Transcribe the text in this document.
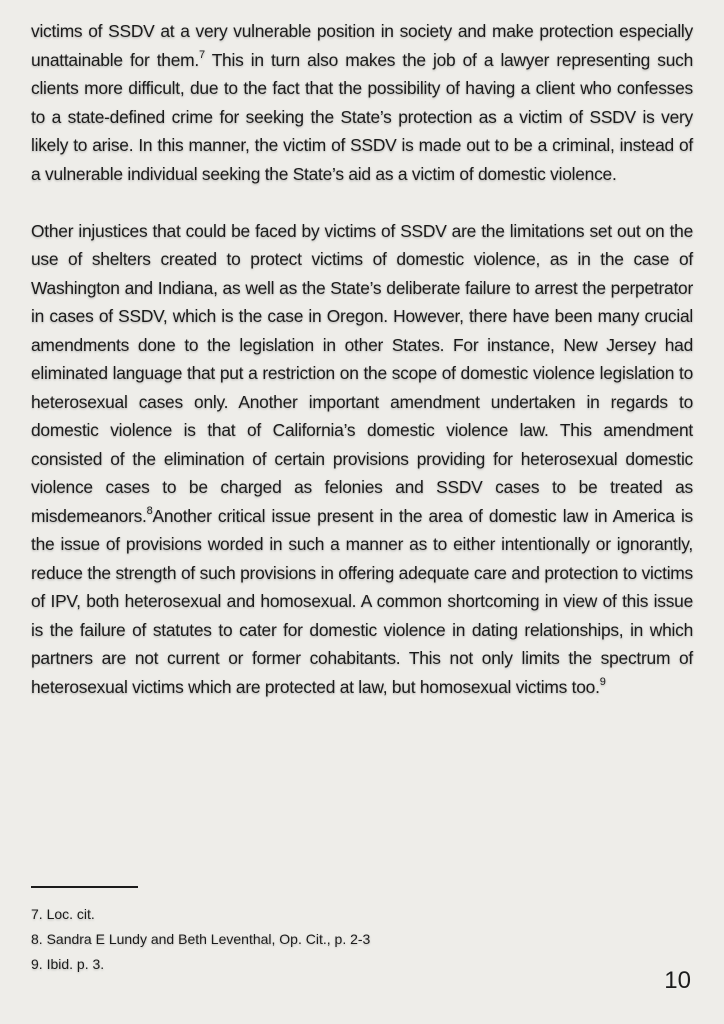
victims of SSDV at a very vulnerable position in society and make protection especially unattainable for them.$^7$ This in turn also makes the job of a lawyer representing such clients more difficult, due to the fact that the possibility of having a client who confesses to a state-defined crime for seeking the State’s protection as a victim of SSDV is very likely to arise. In this manner, the victim of SSDV is made out to be a criminal, instead of a vulnerable individual seeking the State’s aid as a victim of domestic violence.

Other injustices that could be faced by victims of SSDV are the limitations set out on the use of shelters created to protect victims of domestic violence, as in the case of Washington and Indiana, as well as the State’s deliberate failure to arrest the perpetrator in cases of SSDV, which is the case in Oregon. However, there have been many crucial amendments done to the legislation in other States. For instance, New Jersey had eliminated language that put a restriction on the scope of domestic violence legislation to heterosexual cases only. Another important amendment undertaken in regards to domestic violence is that of California’s domestic violence law. This amendment consisted of the elimination of certain provisions providing for heterosexual domestic violence cases to be charged as felonies and SSDV cases to be treated as misdemeanors.$^8$Another critical issue present in the area of domestic law in America is the issue of provisions worded in such a manner as to either intentionally or ignorantly, reduce the strength of such provisions in offering adequate care and protection to victims of IPV, both heterosexual and homosexual. A common shortcoming in view of this issue is the failure of statutes to cater for domestic violence in dating relationships, in which partners are not current or former cohabitants. This not only limits the spectrum of heterosexual victims which are protected at law, but homosexual victims too.$^9$

7. Loc. cit.

8. Sandra E Lundy and Beth Leventhal, Op. Cit., p. 2-3

9. Ibid. p. 3.

10
